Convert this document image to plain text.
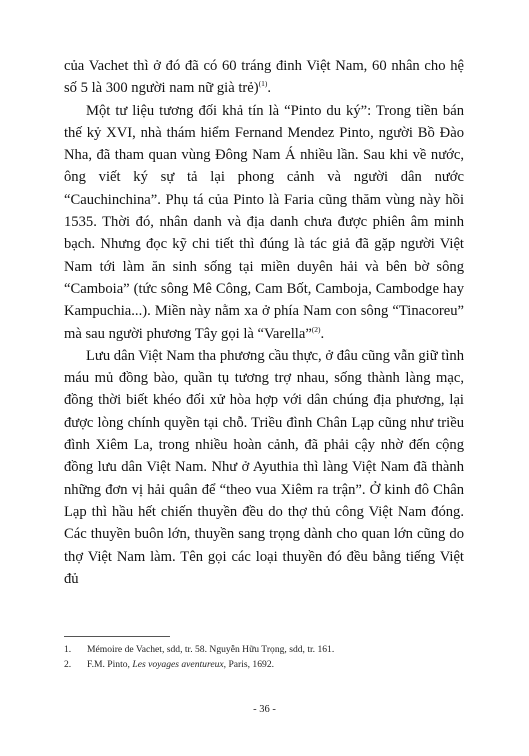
của Vachet thì ở đó đã có 60 tráng đinh Việt Nam, 60 nhân cho hệ số 5 là 300 người nam nữ già trẻ)$^{(1)}$.

Một tư liệu tương đối khả tín là “Pinto du ký”: Trong tiền bán thế kỷ XVI, nhà thám hiểm Fernand Mendez Pinto, người Bồ Đào Nha, đã tham quan vùng Đông Nam Á nhiều lần. Sau khi về nước, ông viết ký sự tả lại phong cảnh và người dân nước “Cauchinchina”. Phụ tá của Pinto là Faria cũng thăm vùng này hồi 1535. Thời đó, nhân danh và địa danh chưa được phiên âm minh bạch. Nhưng đọc kỹ chi tiết thì đúng là tác giả đã gặp người Việt Nam tới làm ăn sinh sống tại miền duyên hải và bên bờ sông “Camboia” (tức sông Mê Công, Cam Bốt, Camboja, Cambodge hay Kampuchia...). Miền này nằm xa ở phía Nam con sông “Tinacoreu” mà sau người phương Tây gọi là “Varella”$^{(2)}$.

Lưu dân Việt Nam tha phương cầu thực, ở đâu cũng vẫn giữ tình máu mủ đồng bào, quần tụ tương trợ nhau, sống thành làng mạc, đồng thời biết khéo đối xử hòa hợp với dân chúng địa phương, lại được lòng chính quyền tại chỗ. Triều đình Chân Lạp cũng như triều đình Xiêm La, trong nhiều hoàn cảnh, đã phải cậy nhờ đến cộng đồng lưu dân Việt Nam. Như ở Ayuthia thì làng Việt Nam đã thành những đơn vị hải quân để “theo vua Xiêm ra trận”. Ở kinh đô Chân Lạp thì hầu hết chiến thuyền đều do thợ thủ công Việt Nam đóng. Các thuyền buôn lớn, thuyền sang trọng dành cho quan lớn cũng do thợ Việt Nam làm. Tên gọi các loại thuyền đó đều bằng tiếng Việt đủ

1.	Mémoire de Vachet, sdd, tr. 58. Nguyễn Hữu Trọng, sdd, tr. 161.
2.	F.M. Pinto, Les voyages aventureux, Paris, 1692.
- 36 -
